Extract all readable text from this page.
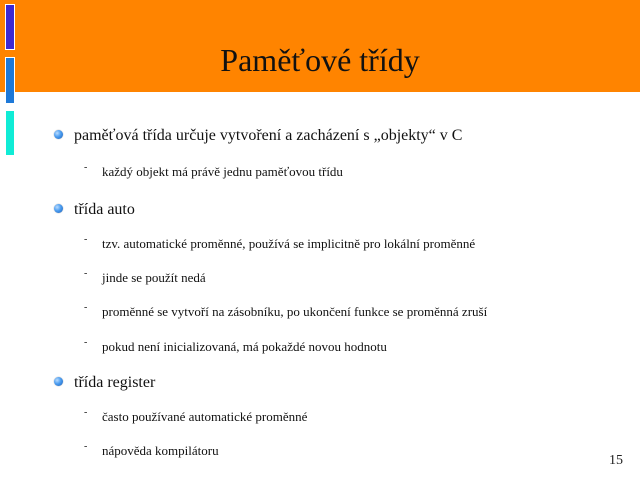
Paměťové třídy
paměťová třída určuje vytvoření a zacházení s „objekty“ v C
- každý objekt má právě jednu paměťovou třídu
třída auto
- tzv. automatické proměnné, používá se implicitně pro lokální proměnné
- jinde se použít nedá
- proměnné se vytvoří na zásobníku, po ukončení funkce se proměnná zruší
- pokud není inicializovaná, má pokaždé novou hodnotu
třída register
- často používané automatické proměnné
- nápověda kompilátoru
15
